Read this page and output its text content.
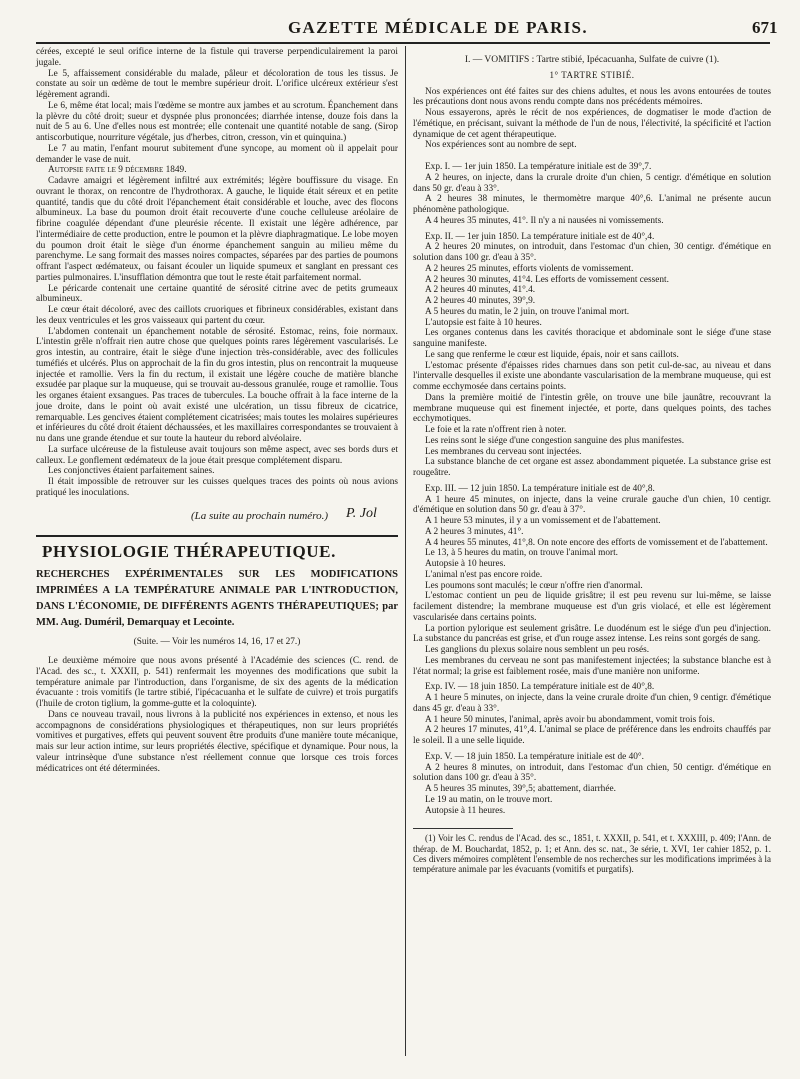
GAZETTE MÉDICALE DE PARIS.	671

cérées, excepté le seul orifice interne de la fistule qui traverse perpendiculairement la paroi jugale.

Le 5, affaissement considérable du malade, pâleur et décoloration de tous les tissus. Je constate au soir un œdème de tout le membre supérieur droit. L'orifice ulcéreux extérieur s'est légèrement agrandi.

Le 6, même état local; mais l'œdème se montre aux jambes et au scrotum. Épanchement dans la plèvre du côté droit; sueur et dyspnée plus prononcées; diarrhée intense, douze fois dans la nuit de 5 au 6. Une d'elles nous est montrée; elle contenait une quantité notable de sang. (Sirop antiscorbutique, nourriture végétale, jus d'herbes, citron, cresson, vin et quinquina.)

Le 7 au matin, l'enfant mourut subitement d'une syncope, au moment où il appelait pour demander le vase de nuit.

Autopsie faite le 9 décembre 1849.

Cadavre amaigri et légèrement infiltré aux extrémités; légère bouffissure du visage. En ouvrant le thorax, on rencontre de l'hydrothorax. A gauche, le liquide était séreux et en petite quantité, tandis que du côté droit l'épanchement était considérable et louche, avec des flocons albumineux. La base du poumon droit était recouverte d'une couche celluleuse aréolaire de fibrine coagulée dépendant d'une pleurésie récente. Il existait une légère adhérence, par l'intermédiaire de cette production, entre le poumon et la plèvre diaphragmatique. Le lobe moyen du poumon droit était le siège d'un énorme épanchement sanguin au milieu même du parenchyme. Le sang formait des masses noires compactes, séparées par des parties de poumons offrant l'aspect œdémateux, ou faisant écouler un liquide spumeux et sanglant en pressant ces parties pulmonaires. L'insufflation démontra que tout le reste était parfaitement normal.

Le péricarde contenait une certaine quantité de sérosité citrine avec de petits grumeaux albumineux.

Le cœur était décoloré, avec des caillots cruoriques et fibrineux considérables, existant dans les deux ventricules et les gros vaisseaux qui partent du cœur.

L'abdomen contenait un épanchement notable de sérosité. Estomac, reins, foie normaux. L'intestin grêle n'offrait rien autre chose que quelques points rares légèrement vascularisés. Le gros intestin, au contraire, était le siège d'une injection très-considérable, avec des follicules tuméfiés et ulcérés. Plus on approchait de la fin du gros intestin, plus on rencontrait la muqueuse injectée et ramollie. Vers la fin du rectum, il existait une légère couche de matière blanche exsudée par plaque sur la muqueuse, qui se trouvait au-dessous granulée, rouge et ramollie. Tous les organes étaient exsangues. Pas traces de tubercules. La bouche offrait à la face interne de la joue droite, dans le point où avait existé une ulcération, un tissu fibreux de cicatrice, remarquable. Les gencives étaient complétement cicatrisées; mais toutes les molaires supérieures et inférieures du côté droit étaient déchaussées, et les maxillaires correspondantes se trouvaient à nu dans une grande étendue et sur toute la hauteur du rebord alvéolaire.

La surface ulcéreuse de la fistuleuse avait toujours son même aspect, avec ses bords durs et calleux. Le gonflement œdémateux de la joue était presque complétement disparu.

Les conjonctives étaient parfaitement saines.

Il était impossible de retrouver sur les cuisses quelques traces des points où nous avions pratiqué les inoculations.

(La suite au prochain numéro.) P. Jol
PHYSIOLOGIE THÉRAPEUTIQUE.
RECHERCHES EXPÉRIMENTALES SUR LES MODIFICATIONS IMPRIMÉES A LA TEMPÉRATURE ANIMALE PAR L'INTRODUCTION, DANS L'ÉCONOMIE, DE DIFFÉRENTS AGENTS THÉRAPEUTIQUES; par MM. Aug. Duméril, Demarquay et Lecointe.
(Suite. — Voir les numéros 14, 16, 17 et 27.)

Le deuxième mémoire que nous avons présenté à l'Académie des sciences (C. rend. de l'Acad. des sc., t. XXXII, p. 541) renfermait les moyennes des modifications que subit la température animale par l'introduction, dans l'organisme, de six des agents de la médication évacuante : trois vomitifs (le tartre stibié, l'ipécacuanha et le sulfate de cuivre) et trois purgatifs (l'huile de croton tiglium, la gomme-gutte et la coloquinte).

Dans ce nouveau travail, nous livrons à la publicité nos expériences in extenso, et nous les accompagnons de considérations physiologiques et thérapeutiques, non sur leurs propriétés vomitives et purgatives, effets qui peuvent souvent être produits d'une manière toute mécanique, mais sur leur action intime, sur leurs propriétés élective, spécifique et dynamique. Pour nous, la valeur intrinsèque d'une substance n'est réellement connue que lorsque ces trois forces médicatrices ont été déterminées.

I. — VOMITIFS : Tartre stibié, Ipécacuanha, Sulfate de cuivre (1).
1° TARTRE STIBIÉ.

Nos expériences ont été faites sur des chiens adultes, et nous les avons entourées de toutes les précautions dont nous avons rendu compte dans nos précédents mémoires.

Nous essayerons, après le récit de nos expériences, de dogmatiser le mode d'action de l'émétique, en précisant, suivant la méthode de l'un de nous, l'électivité, la spécificité et l'action dynamique de cet agent thérapeutique.

Nos expériences sont au nombre de sept.

Exp. I. — 1er juin 1850. La température initiale est de 39°,7.

A 2 heures, on injecte, dans la crurale droite d'un chien, 5 centigr. d'émétique en solution dans 50 gr. d'eau à 33°.

A 2 heures 38 minutes, le thermomètre marque 40°,6. L'animal ne présente aucun phénomène pathologique.

A 4 heures 35 minutes, 41°. Il n'y a ni nausées ni vomissements.

Exp. II. — 1er juin 1850. La température initiale est de 40°,4.

A 2 heures 20 minutes, on introduit, dans l'estomac d'un chien, 30 centigr. d'émétique en solution dans 100 gr. d'eau à 35°.

A 2 heures 25 minutes, efforts violents de vomissement.

A 2 heures 30 minutes, 41°4. Les efforts de vomissement cessent.

A 2 heures 40 minutes, 41°.4.

A 2 heures 40 minutes, 39°,9.

A 5 heures du matin, le 2 juin, on trouve l'animal mort.

L'autopsie est faite à 10 heures.

Les organes contenus dans les cavités thoracique et abdominale sont le siége d'une stase sanguine manifeste.

Le sang que renferme le cœur est liquide, épais, noir et sans caillots.

L'estomac présente d'épaisses rides charnues dans son petit cul-de-sac, au niveau et dans l'intervalle desquelles il existe une abondante vascularisation de la membrane muqueuse, qui est comme ecchymosée dans certains points.

Dans la première moitié de l'intestin grêle, on trouve une bile jaunâtre, recouvrant la membrane muqueuse qui est finement injectée, et porte, dans quelques points, des taches ecchymotiques.

Le foie et la rate n'offrent rien à noter.

Les reins sont le siége d'une congestion sanguine des plus manifestes.

Les membranes du cerveau sont injectées.

La substance blanche de cet organe est assez abondamment piquetée. La substance grise est rougeâtre.

Exp. III. — 12 juin 1850. La température initiale est de 40°,8.

A 1 heure 45 minutes, on injecte, dans la veine crurale gauche d'un chien, 10 centigr. d'émétique en solution dans 50 gr. d'eau à 37°.

A 1 heure 53 minutes, il y a un vomissement et de l'abattement.

A 2 heures 3 minutes, 41°.

A 4 heures 55 minutes, 41°,8. On note encore des efforts de vomissement et de l'abattement.

Le 13, à 5 heures du matin, on trouve l'animal mort.

Autopsie à 10 heures.

L'animal n'est pas encore roide.

Les poumons sont maculés; le cœur n'offre rien d'anormal.

L'estomac contient un peu de liquide grisâtre; il est peu revenu sur lui-même, se laisse facilement distendre; la membrane muqueuse est d'un gris violacé, et elle est légèrement vascularisée dans certains points.

La portion pylorique est seulement grisâtre. Le duodénum est le siége d'un peu d'injection. La substance du pancréas est grise, et d'un rouge assez intense. Les reins sont gorgés de sang.

Les ganglions du plexus solaire nous semblent un peu rosés.

Les membranes du cerveau ne sont pas manifestement injectées; la substance blanche est à l'état normal; la grise est faiblement rosée, mais d'une manière non uniforme.

Exp. IV. — 18 juin 1850. La température initiale est de 40°,8.

A 1 heure 5 minutes, on injecte, dans la veine crurale droite d'un chien, 9 centigr. d'émétique dans 45 gr. d'eau à 33°.

A 1 heure 50 minutes, l'animal, après avoir bu abondamment, vomit trois fois.

A 2 heures 17 minutes, 41°,4. L'animal se place de préférence dans les endroits chauffés par le soleil. Il a une selle liquide.

Exp. V. — 18 juin 1850. La température initiale est de 40°.

A 2 heures 8 minutes, on introduit, dans l'estomac d'un chien, 50 centigr. d'émétique en solution dans 100 gr. d'eau à 35°.

A 5 heures 35 minutes, 39°,5; abattement, diarrhée.

Le 19 au matin, on le trouve mort.

Autopsie à 11 heures.

(1) Voir les C. rendus de l'Acad. des sc., 1851, t. XXXII, p. 541, et t. XXXIII, p. 409; l'Ann. de thérap. de M. Bouchardat, 1852, p. 1; et Ann. des sc. nat., 3e série, t. XVI, 1er cahier 1852, p. 1. Ces divers mémoires complètent l'ensemble de nos recherches sur les modifications imprimées à la température animale par les évacuants (vomitifs et purgatifs).
